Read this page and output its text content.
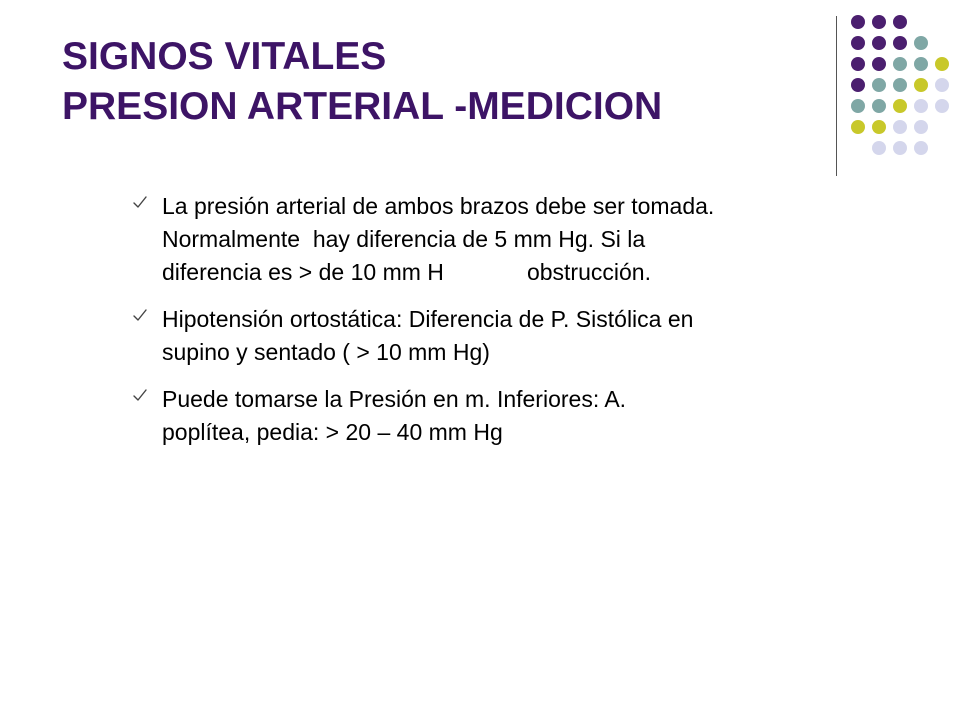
SIGNOS VITALES
PRESION ARTERIAL -MEDICION
La presión arterial de ambos brazos debe ser tomada.
Normalmente  hay diferencia de 5 mm Hg. Si la
diferencia es > de 10 mm H             obstrucción.
Hipotensión ortostática: Diferencia de P. Sistólica en
supino y sentado ( > 10 mm Hg)
Puede tomarse la Presión en m. Inferiores: A.
poplítea, pedia: > 20 – 40 mm Hg
